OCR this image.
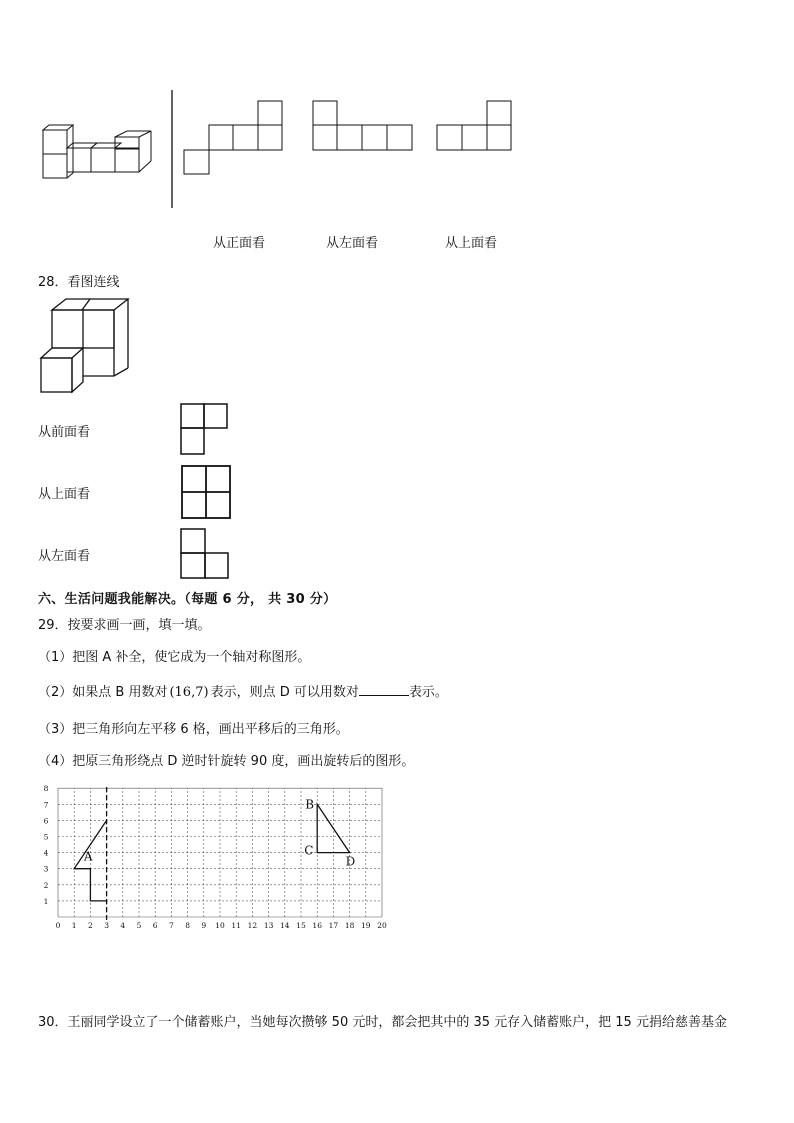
从正面看	从左面看	从上面看
28．看图连线
从前面看
从上面看
从左面看
六、生活问题我能解决。（每题 6 分， 共 30 分）
29．按要求画一画，填一填。
（1）把图 A 补全，使它成为一个轴对称图形。
（2）如果点 B 用数对 (16,7) 表示，则点 D 可以用数对	表示。
（3）把三角形向左平移 6 格，画出平移后的三角形。
（4）把原三角形绕点 D 逆时针旋转 90 度，画出旋转后的图形。
0 1 2 3 4 5 6 7 8 9 10 11 12 13 14 15 16 17 18 19 20
1
2
3
4
5
6
7
8
A
B
C
D
30．王丽同学设立了一个储蓄账户，当她每次攒够 50 元时，都会把其中的 35 元存入储蓄账户，把 15 元捐给慈善基金
